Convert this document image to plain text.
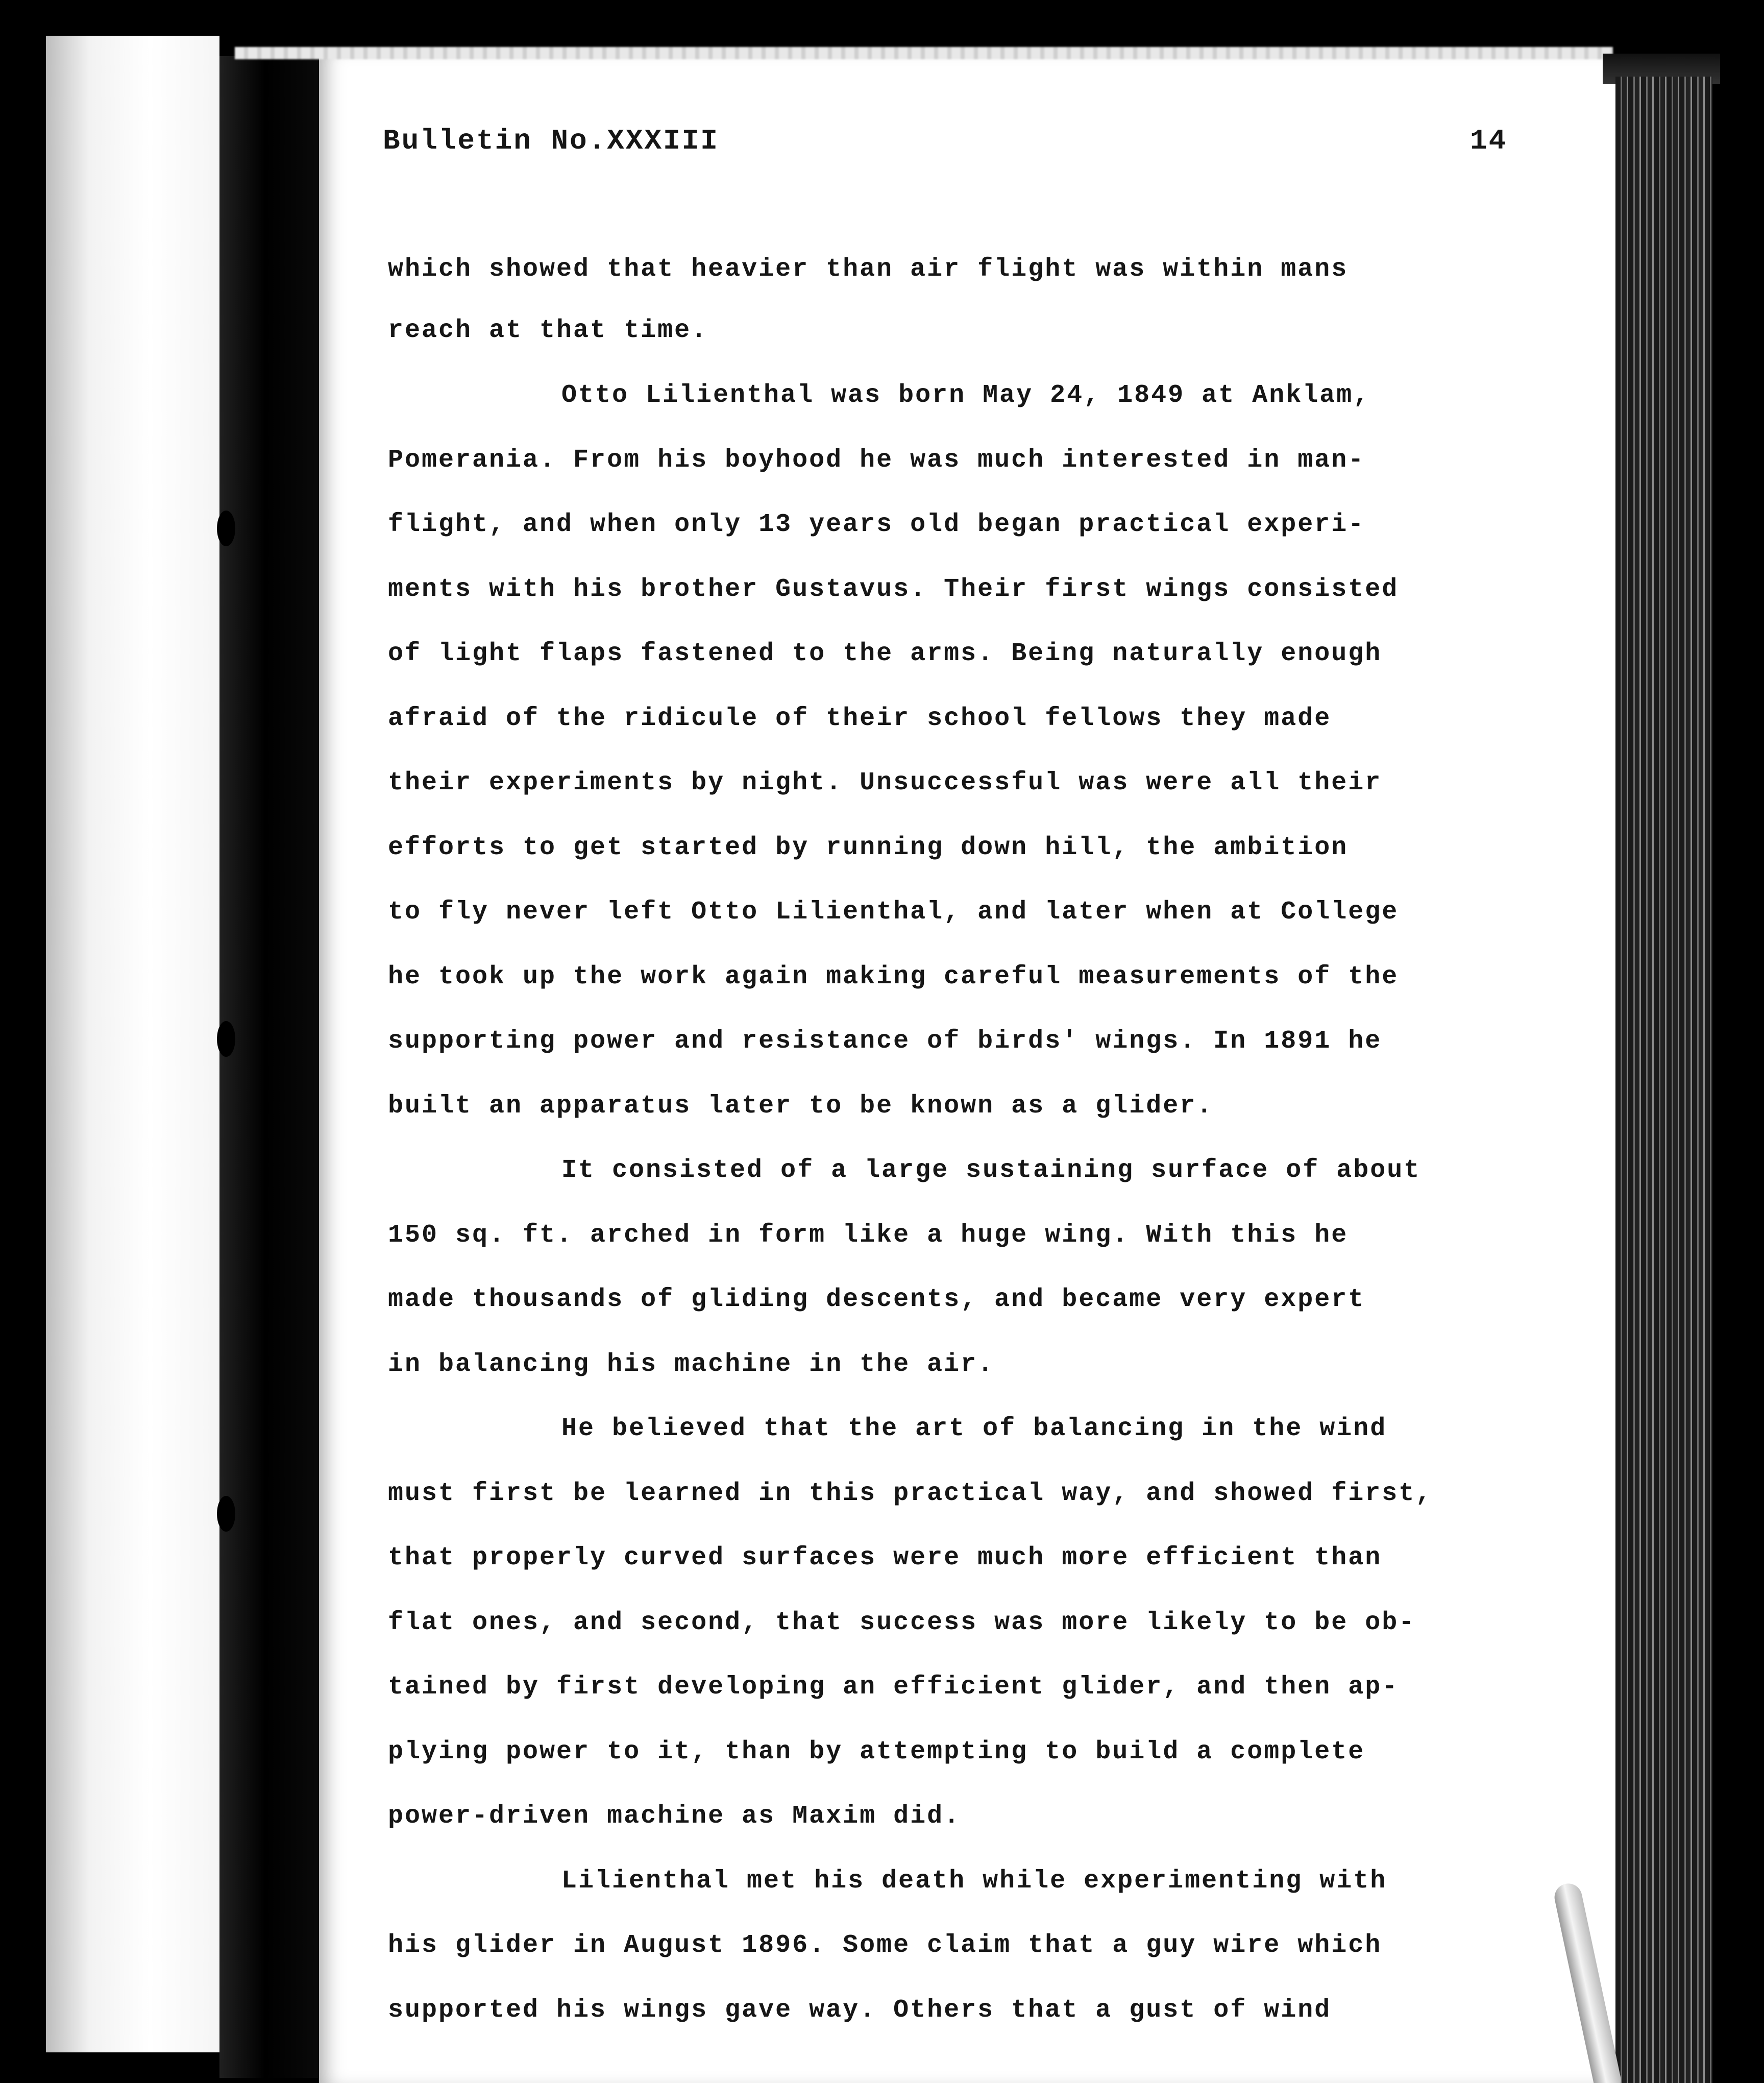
Bulletin No.XXXIII	14
which showed that heavier than air flight was within mans
reach at that time.
Otto Lilienthal was born May 24, 1849 at Anklam,
Pomerania. From his boyhood he was much interested in man-
flight, and when only 13 years old began practical experi-
ments with his brother Gustavus. Their first wings consisted
of light flaps fastened to the arms. Being naturally enough
afraid of the ridicule of their school fellows they made
their experiments by night. Unsuccessful was were all their
efforts to get started by running down hill, the ambition
to fly never left Otto Lilienthal, and later when at College
he took up the work again making careful measurements of the
supporting power and resistance of birds' wings. In 1891 he
built an apparatus later to be known as a glider.
It consisted of a large sustaining surface of about
150 sq. ft. arched in form like a huge wing. With this he
made thousands of gliding descents, and became very expert
in balancing his machine in the air.
He believed that the art of balancing in the wind
must first be learned in this practical way, and showed first,
that properly curved surfaces were much more efficient than
flat ones, and second, that success was more likely to be ob-
tained by first developing an efficient glider, and then ap-
plying power to it, than by attempting to build a complete
power-driven machine as Maxim did.
Lilienthal met his death while experimenting with
his glider in August 1896. Some claim that a guy wire which
supported his wings gave way. Others that a gust of wind
